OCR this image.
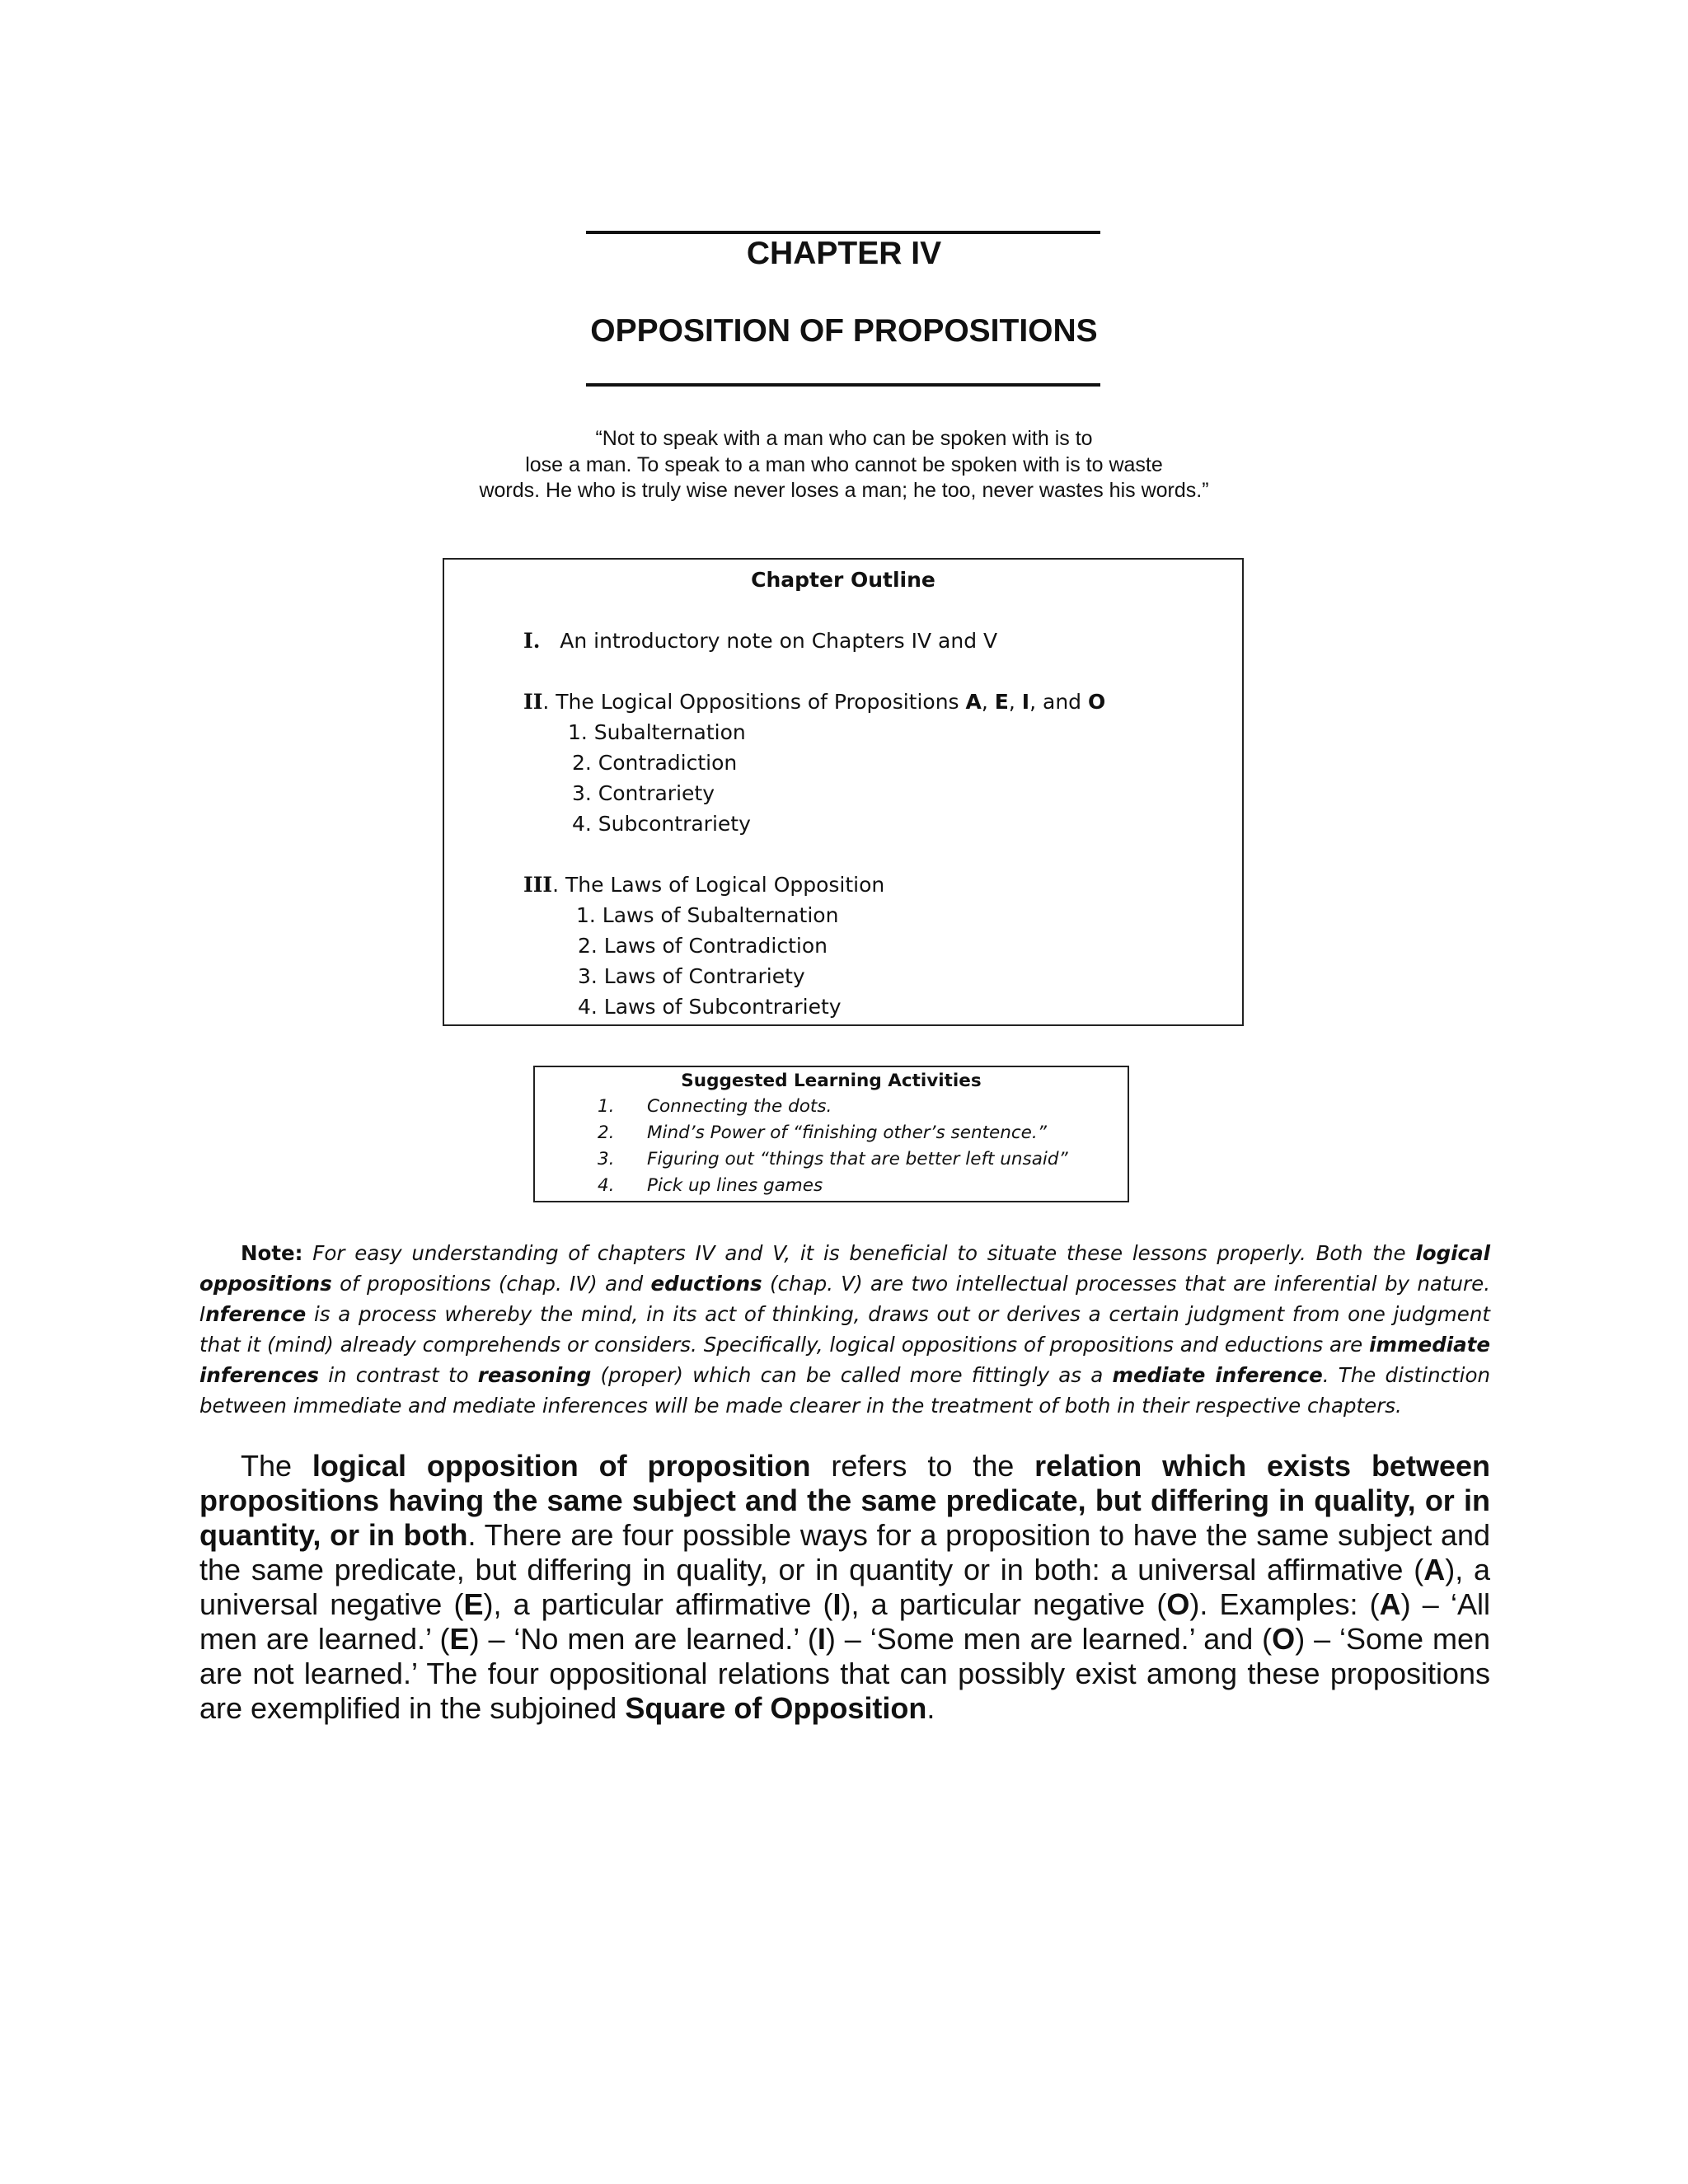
CHAPTER IV
OPPOSITION OF PROPOSITIONS
“Not to speak with a man who can be spoken with is to
lose a man. To speak to a man who cannot be spoken with is to waste
words. He who is truly wise never loses a man; he too, never wastes his words.”
Chapter Outline
I. An introductory note on Chapters IV and V
II. The Logical Oppositions of Propositions A, E, I, and O
1. Subalternation
2. Contradiction
3. Contrariety
4. Subcontrariety
III. The Laws of Logical Opposition
1. Laws of Subalternation
2. Laws of Contradiction
3. Laws of Contrariety
4. Laws of Subcontrariety
Suggested Learning Activities
1. Connecting the dots.
2. Mind’s Power of “finishing other’s sentence.”
3. Figuring out “things that are better left unsaid”
4. Pick up lines games
Note: For easy understanding of chapters IV and V, it is beneficial to situate these lessons properly. Both the logical oppositions of propositions (chap. IV) and eductions (chap. V) are two intellectual processes that are inferential by nature. Inference is a process whereby the mind, in its act of thinking, draws out or derives a certain judgment from one judgment that it (mind) already comprehends or considers. Specifically, logical oppositions of propositions and eductions are immediate inferences in contrast to reasoning (proper) which can be called more fittingly as a mediate inference. The distinction between immediate and mediate inferences will be made clearer in the treatment of both in their respective chapters.
The logical opposition of proposition refers to the relation which exists between propositions having the same subject and the same predicate, but differing in quality, or in quantity, or in both. There are four possible ways for a proposition to have the same subject and the same predicate, but differing in quality, or in quantity or in both: a universal affirmative (A), a universal negative (E), a particular affirmative (I), a particular negative (O). Examples: (A) – ‘All men are learned.’ (E) – ‘No men are learned.’ (I) – ‘Some men are learned.’ and (O) – ‘Some men are not learned.’ The four oppositional relations that can possibly exist among these propositions are exemplified in the subjoined Square of Opposition.
